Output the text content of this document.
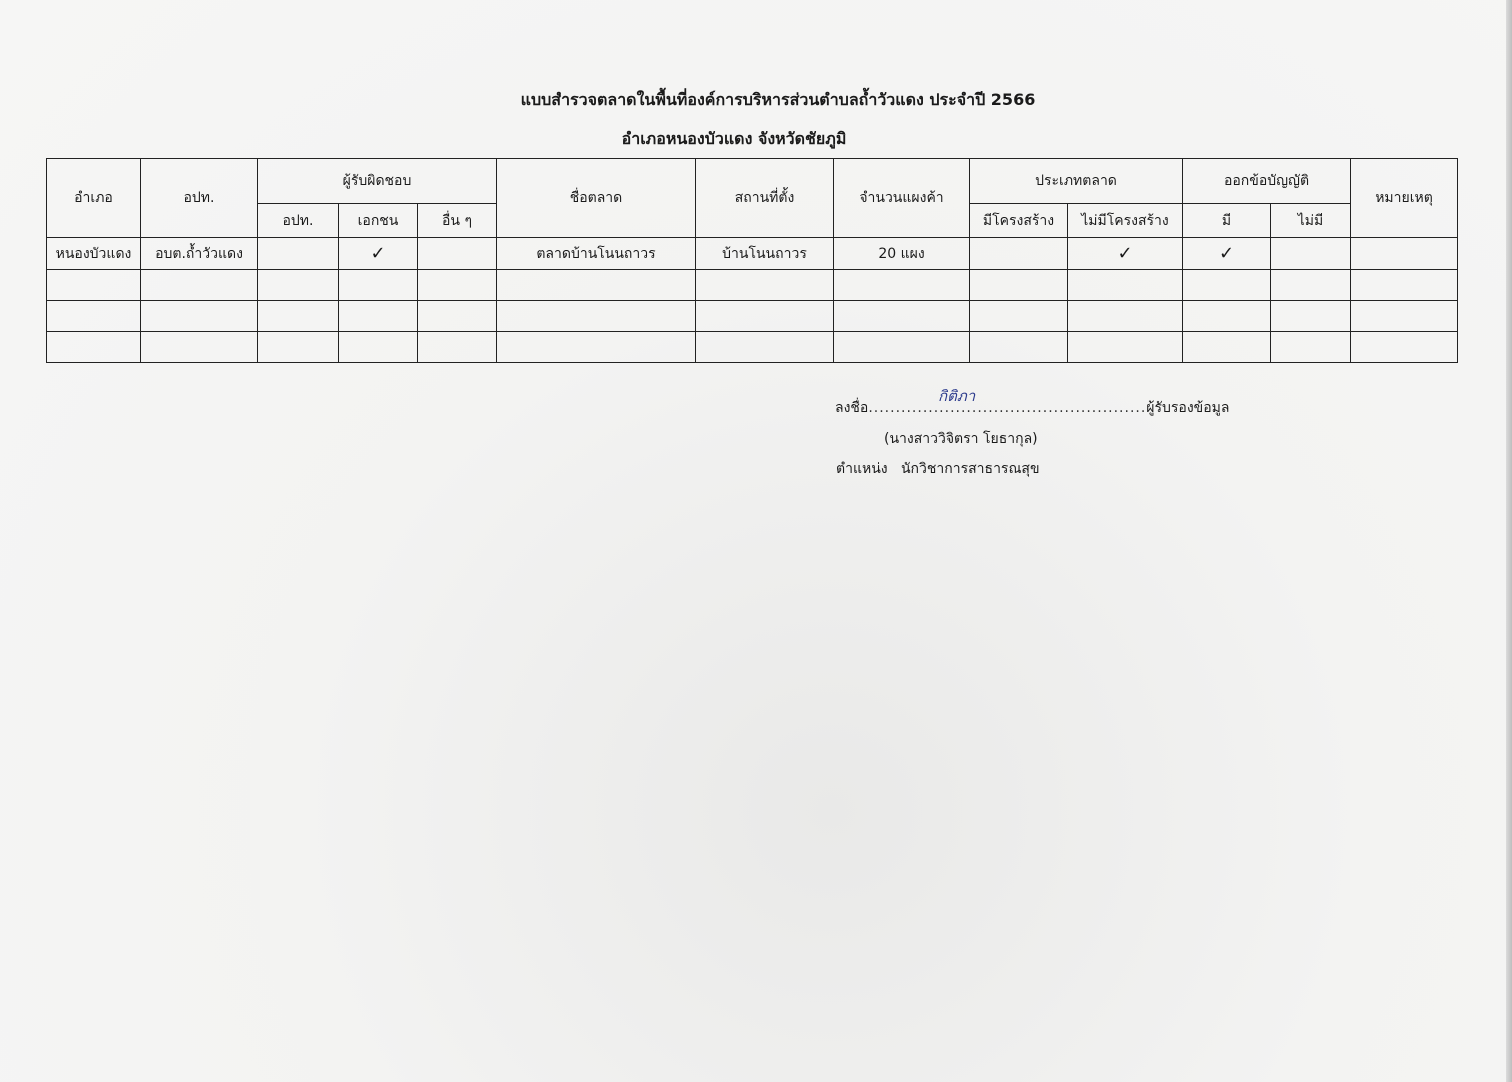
แบบสำรวจตลาดในพื้นที่องค์การบริหารส่วนตำบลถ้ำวัวแดง ประจำปี 2566
อำเภอหนองบัวแดง จังหวัดชัยภูมิ
อำเภอ	อปท.	ผู้รับผิดชอบ			ชื่อตลาด	สถานที่ตั้ง	จำนวนแผงค้า	ประเภทตลาด		ออกข้อบัญญัติ		หมายเหตุ
		อปท.	เอกชน	อื่น ๆ				มีโครงสร้าง	ไม่มีโครงสร้าง	มี	ไม่มี	
หนองบัวแดง	อบต.ถ้ำวัวแดง		✓		ตลาดบ้านโนนถาวร	บ้านโนนถาวร	20 แผง		✓	✓		

ลงชื่อ...................................................ผู้รับรองข้อมูล
กิติภา
(นางสาววิจิตรา โยธากุล)
ตำแหน่ง นักวิชาการสาธารณสุข
